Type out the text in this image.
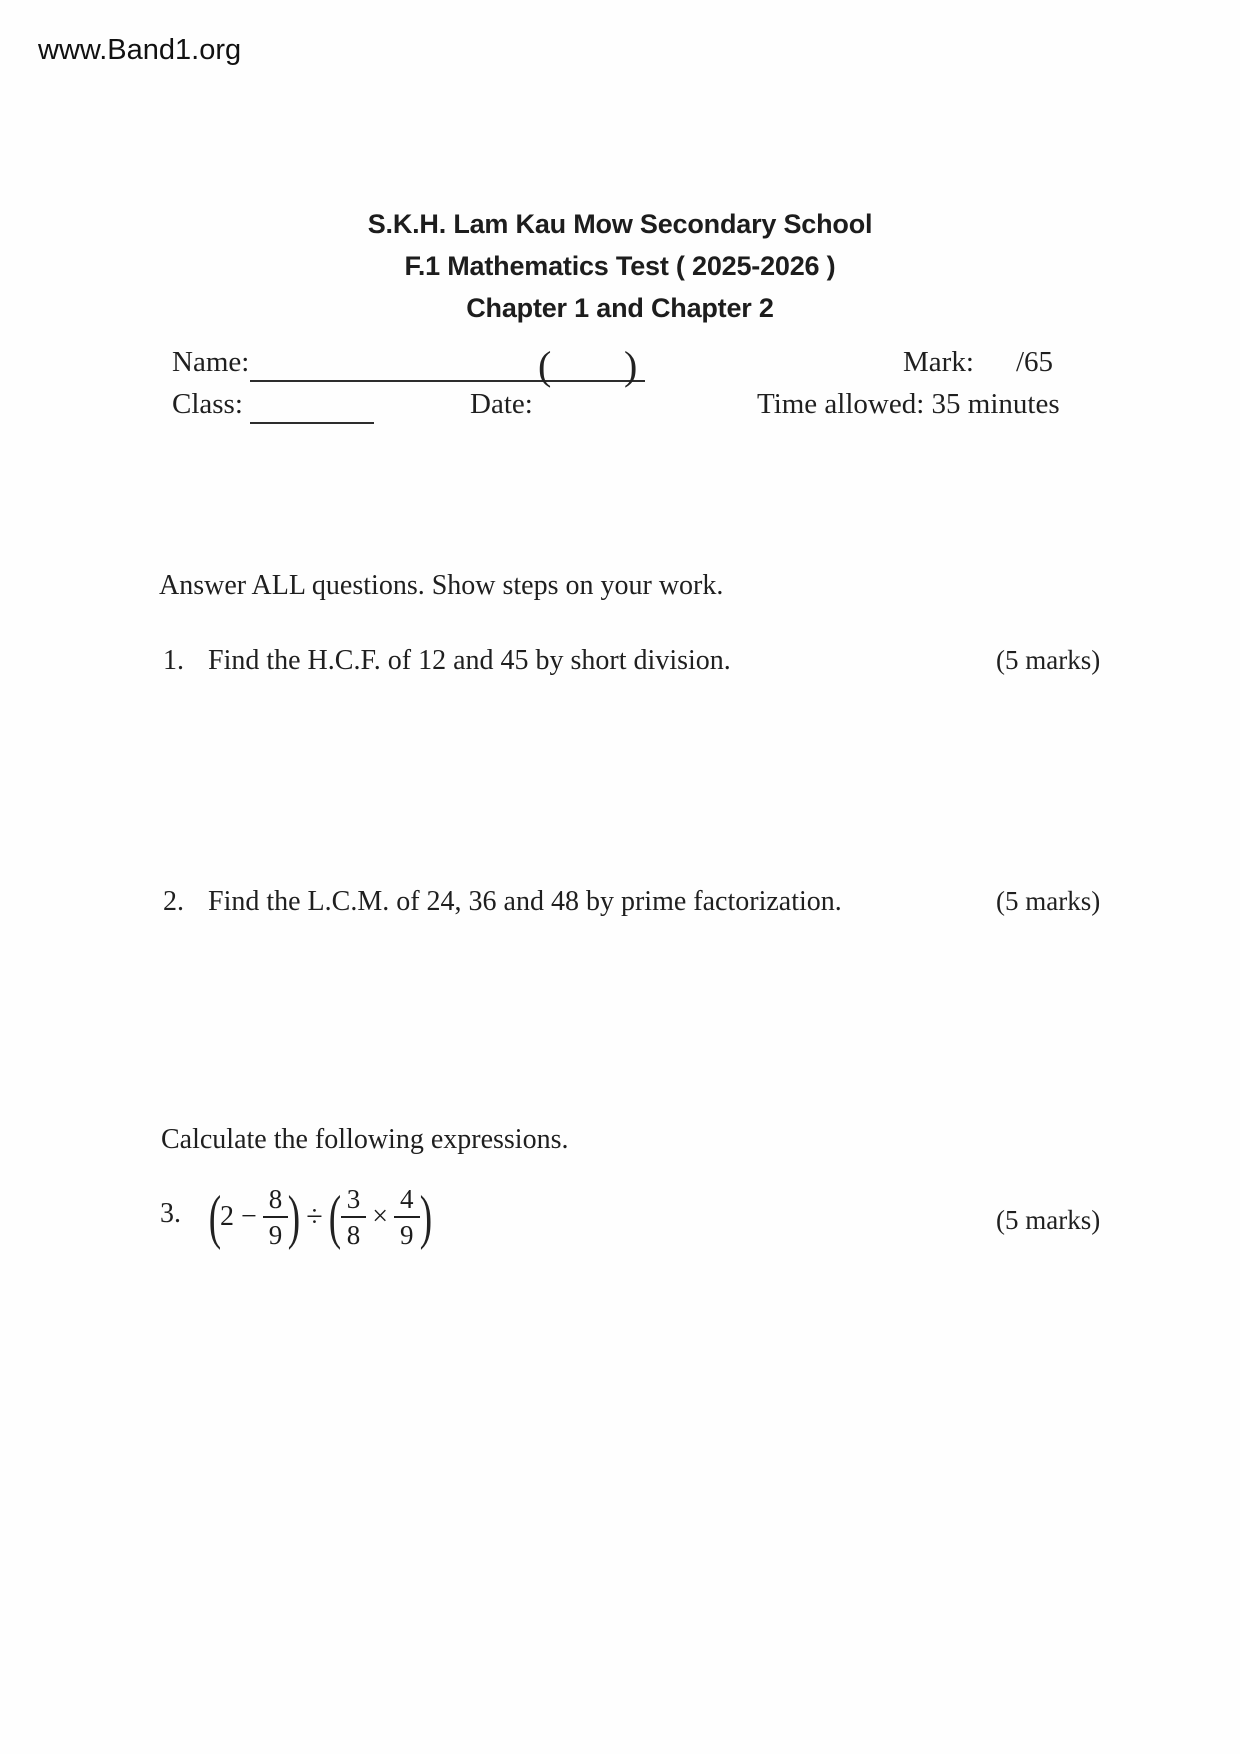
www.Band1.org
S.K.H. Lam Kau Mow Secondary School
F.1 Mathematics Test ( 2025-2026 )
Chapter 1 and Chapter 2
Name:	( )	Mark: /65
Class:	Date:	Time allowed: 35 minutes
Answer ALL questions. Show steps on your work.
1. Find the H.C.F. of 12 and 45 by short division.	(5 marks)
2. Find the L.C.M. of 24, 36 and 48 by prime factorization.	(5 marks)
Calculate the following expressions.
3. (
$2 - \frac{8}{9}$ ) ÷ ( $\frac{3}{8} \times \frac{4}{9}$ )	(5 marks)
